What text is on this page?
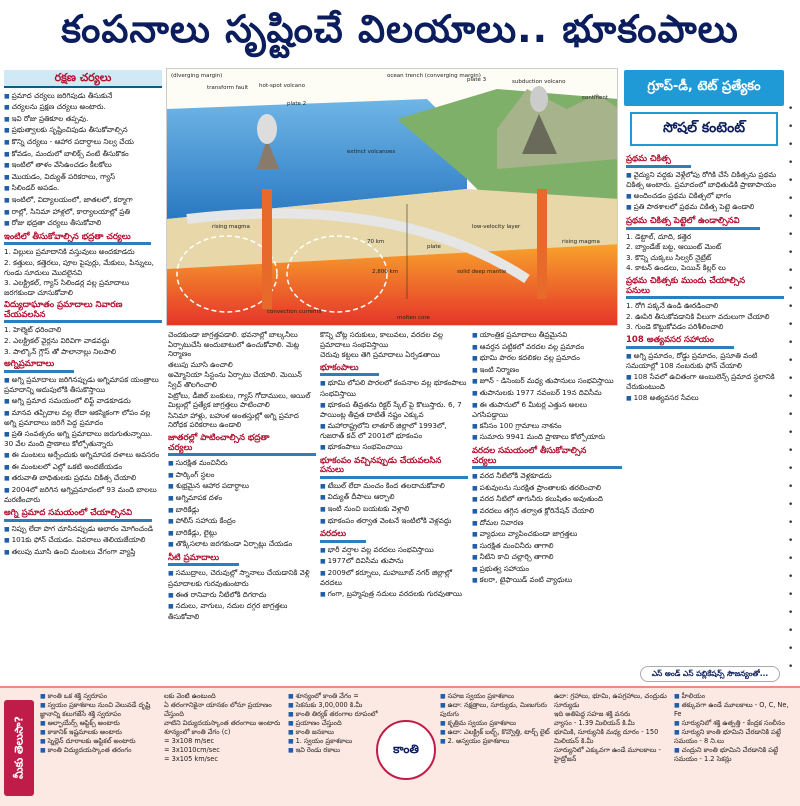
కంపనాలు సృష్టించే విలయాలు.. భూకంపాలు
రక్షణ చర్యలు

■ ప్రమాద చర్యలు జరిగిపుడు తీసుకునే

■ చర్యలను ప్రక్షణ చర్యలు అంటారు.

■ ఇవి రోజు ప్రతికూల తప్పవు.

■ ప్రభుత్వాలకు సృష్టించిపుడు తీసుకోవాల్సిన

■ కొన్ని చర్యలు - ఆహార పదార్థాలు నిల్వ చేయ

■ కోవడం, మందులో బాలిక్స్ వంటి తీసుకొకం

■ ఇంటిలో తాళం వేసిఉంచడం కీలకోలు

■ మొయడం, విద్యుత్ పరికరాలు, గ్యాస్

■ సిలిండర్ అపడం.

■ ఇంటిలో, విద్యాలయంలో, జాతలలో, కర్మాగా

■ రాల్లో, సినిమా హాళ్లలో, కార్యాలయాల్లో ప్రతి

■ రోజు భద్రతా చర్యలు తీసుకోవాలి

ఇంటిలో తీసుకోవాల్సిన భద్రతా చర్యలు

1. విల్లులు ప్రమాదానికి వస్తువులు అందకూడదు

2. కత్తులు, కత్తెరలు, పూల పైపుర్లు, మేకులు, పిన్నులు, గుండు సూదులు మొదలైనవి

3. ఎలక్ట్రికల్, గ్యాస్ సిలిండర్ల వల్ల ప్రమాదాలు జరగకుండా చూసుకోవాలి

విద్యుదాఘాతం ప్రమాదాలు నివారణ చేయవలసిన

1. హెల్మెట్ ధరించాలి

2. ఎలక్ట్రికల్ వైర్లను విరివిగా వాడవద్దు

3. పాల్కొన్ గ్లౌస్ తో పాలానాల్లు నిలపాలి

అగ్నిప్రమాదాలు

■ అగ్ని ప్రమాదాలు జరిగినప్పుడు అగ్నిమాపక యంత్రాలు ప్రమాదాన్ని ఆదుపులోకి తీసుకొస్తాయి

■ అగ్ని ప్రమాద సమయంలో లిఫ్ట్ వాడకూడదు

■ మానవ తప్పిదాల వల్ల లేదా ఆకస్మికంగా లోపం వల్ల అగ్ని ప్రమాదాలు జరిగే పెద్ద ప్రమాదం

■ ప్రతి సంవత్సరం అగ్ని ప్రమాదాలు జరుగుతున్నాయి. 30 వేల మంది ప్రాణాలు కోల్పోతున్నారు

■ ఈ మంటలు అర్పేందుకు అగ్నిమాపక దళాలు అవసరం

■ ఈ మంటలలో ఎల్లో ఒకటి అందజేయడం

■ తరువాతి బాధితులకు ప్రథమ చికిత్స చేయాలి

■ 2004లో జరిగిన అగ్నిప్రమాదంలో 93 మంది బాలలు మరణించారు

అగ్ని ప్రమాద సమయంలో చేయాల్సినవి

■ నిప్పు లేదా పొగ చూసినప్పుడు అలారం మోగించండి

■ 101కు ఫోన్ చేయడం. వివరాలు తెలియజేయాలి

■ తలుపు మూసి ఉంచి మంటలు వేగంగా వ్యాప్తి

(diverging margin)
transform fault hot-spot volcano
plate 2
ocean trench (converging margin)
plate 3	subduction volcano
continent
extinct volcanoes
rising magma
70 km
plate
low-velocity layer
2,800 km	solid deep mantle
rising magma
convection currents
molten core

చెందకుండా జాగ్రత్తపడాలి. భవనాల్లో బాల్కనీలు ఏర్పాటుచేసి అందుబాటులో ఉంచుకోవాలి. మెట్ల నిర్మాణం

తలుపు మూసి ఉంచాలి

అమ్మోనియా సిస్టంను ఏర్పాటు చేయాలి. మెయిన్ స్విచ్ తొలగించాలి

పెట్రోలు, డీజిల్ బంకులు, గ్యాస్ గోదాములు, ఆయిల్ మిల్లుల్లో ప్రత్యేక జాగ్రత్తలు పాటించాలి

సినిమా హాళ్లు, బహుళ అంతస్తుల్లో అగ్ని ప్రమాద నిరోధక పరికరాలు ఉండాలి

జాతరల్లో పాటించాల్సిన భద్రతా చర్యలు

■ సురక్షిత మంచినీరు

■ పార్కింగ్ స్థలం

■ శుభ్రమైన ఆహార పదార్థాలు

■ అగ్నిమాపక దళం

■ బారికేడ్లు

■ పోలీస్ సహాయ కేంద్రం

■ బారికేడ్లు, లైట్లు

■ తొక్కిసలాట జరగకుండా ఏర్పాట్లు చేయడం

నీటి ప్రమాదాలు

■ సముద్రాలు, చెరువుల్లో స్నానాలు చేయడానికి వెళ్లి ప్రమాదాలకు గురవుతుంటారు

■ ఈత రానివారు నీటిలోకి దిగరాదు

■ నదులు, వాగులు, నదుల దగ్గర జాగ్రత్తలు తీసుకోవాలి

కొన్ని చోట్ల సరుకులు, కాలువలు, వరదల వల్ల ప్రమాదాలు సంభవిస్తాయి

చెరువు కట్టలు తెగి ప్రమాదాలు ఏర్పడతాయి

భూకంపాలు

■ భూమి లోపలి పొరలలో కంపనాల వల్ల భూకంపాలు సంభవిస్తాయి

■ భూకంప తీవ్రతను రిక్టర్ స్కేల్ పై కొలుస్తారు. 6, 7 పాయింట్ల తీవ్రత దాటితే నష్టం ఎక్కువ

■ మహారాష్ట్రలోని లాతూర్ జిల్లాలో 1993లో, గుజరాత్ కచ్ లో 2001లో భూకంపం

■ భూకంపాలు సంభవించాయి

భూకంపం వచ్చినప్పుడు చేయవలసిన పనులు

■ టేబుల్ లేదా మంచం కింద తలదాచుకోవాలి

■ విద్యుత్ దీపాలు ఆర్పాలి

■ ఇంటి నుంచి బయటకు వెళ్లాలి

■ భూకంపం తర్వాత వెంటనే ఇంటిలోకి వెళ్లవద్దు

వరదలు

■ భారీ వర్షాల వల్ల వరదలు సంభవిస్తాయి

■ 1977లో దివిసీమ తుపాను

■ 2009లో కర్నూలు, మహబూబ్ నగర్ జిల్లాల్లో వరదలు

■ గంగా, బ్రహ్మపుత్ర నదులు వరదలకు గురవుతాయి

■ యాంత్రిక ప్రమాదాలు తీవ్రమైనవి

■ ఆవర్తన పట్టికలో వరదల వల్ల ప్రమాదం

■ భూమి పొరల కదలికల వల్ల ప్రమాదం

■ ఇంటి నిర్మాణం

■ జూన్ - డిసెంబర్ మధ్య తుపానులు సంభవిస్తాయి

■ తుపానులకు 1977 నవంబర్ 19న దివిసీమ

■ ఈ తుపానులో 6 మీటర్ల ఎత్తున అలలు ఎగసిపడ్డాయి

■ కనీసం 100 గ్రామాలు నాశనం

■ సుమారు 9941 మంది ప్రాణాలు కోల్పోయారు

వరదల సమయంలో తీసుకోవాల్సిన చర్యలు

■ వరద నీటిలోకి వెళ్లకూడదు

■ పశువులను సురక్షిత ప్రాంతాలకు తరలించాలి

■ వరద నీటిలో తాగునీరు కలుషితం అవుతుంది

■ వరదలు తగ్గిన తర్వాత క్లోరినేషన్ చేయాలి

■ దోమల నివారణ

■ వ్యాధులు వ్యాపించకుండా జాగ్రత్తలు

■ సురక్షిత మంచినీరు తాగాలి

■ నీటిని కాచి చల్లార్చి తాగాలి

■ ప్రభుత్వ సహాయం

■ కలరా, టైఫాయిడ్ వంటి వ్యాధులు

గ్రూప్-డీ, టెట్ ప్రత్యేకం
సోషల్ కంటెంట్
ప్రథమ చికిత్స

■ వైద్యుని వద్దకు వెళ్లేలోపు రోగికి చేసే చికిత్సను ప్రథమ చికిత్స అంటారు. ప్రమాదంలో బాధితుడికి ప్రాణాపాయం

■ అందించడం ప్రథమ చికిత్సలో భాగం

■ ప్రతి పాఠశాలలో ప్రథమ చికిత్స పెట్టె ఉండాలి

ప్రథమ చికిత్స పెట్టెలో ఉండాల్సినవి

1. డెట్టాల్, దూది, కత్తెర

2. బ్యాండేజ్ బట్ట, ఆయింట్ మెంట్

3. కొన్ని చుక్కలు సిల్వర్ నైట్రేట్

4. కాటన్ ఉండలు, పెయిన్ కిల్లర్ లు

ప్రథమ చికిత్సకు ముందు చేయాల్సిన పనులు

1. రోగి పక్కనే ఉండి ఊరడించాలి

2. ఊపిరి తీసుకోవడానికి వీలుగా వదులుగా చేయాలి

3. గుండె కొట్టుకోవడం పరిశీలించాలి

108 అత్యవసర సహాయం

■ అగ్ని ప్రమాదం, రోడ్డు ప్రమాదం, ప్రసూతి వంటి సమయాల్లో 108 నంబరుకు ఫోన్ చేయాలి

■ 108 సేవలో ఉచితంగా అంబులెన్స్ ప్రమాద స్థలానికి చేరుకుంటుంది

■ 108 అత్యవసర సేవలు

ఎస్ అండ్ ఎస్ పబ్లికేషన్స్ సౌజన్యంతో...
•
•
•
•
•
•
•
•
•
•
•
•
•
•
•
•
•
•
•
•
•
•
•
•
•
•
•
•
•
•
•
•
మీకు తెలుసా?

■ కాంతి ఒక శక్తి స్వరూపం

■ స్వయం ప్రకాశకాలు నుంచి వెలువడే దృష్టి జ్ఞానాన్ని కలుగజేసే శక్తి స్వరూపం

■ ఆల్ఫాయేర్స్ ఆప్టిక్స్ అంటారు

■ కాకానిక్ ఇష్టమాలకు అంటారు

■ స్నెల్లెన్ దూరాలకు ఆప్టికల్ అంటారు

■ కాంతి విద్యుదయస్కాంత తరంగం

లకు వెంటి ఉంటుంది

ఏ తరంగానికైనా యానకం లోనూ ప్రయాణం చేస్తుంది

వాటిని విద్యుదయస్కాంత తరంగాలు అంటారు

శూన్యంలో కాంతి వేగం (c)

= 3x108 m/sec

= 3x1010cm/sec

= 3x105 km/sec

■ శూన్యంలో కాంతి వేగం =

■ సెకనుకు 3,00,000 కి.మీ

■ కాంతి తిర్యక్ తరంగాల రూపంలో

■ ప్రయాణం చేస్తుంది

■ కాంతి జనకాలు

■ 1. స్వయం ప్రకాశకాలు

■ ఇవి రెండు రకాలు	కాంతి

■ సహజ స్వయం ప్రకాశకాలు

■ ఉదా: నక్షత్రాలు, సూర్యుడు, మిణుగురు పురుగు

■ కృత్రిమ స్వయం ప్రకాశకాలు

■ ఉదా: ఎలక్ట్రిక్ బల్బ్, కొవ్వొత్తి, టార్చ్ లైట్

■ 2. అస్వయం ప్రకాశకాలు

ఉదా: గ్రహాలు, భూమి, ఉపగ్రహాలు, చంద్రుడు

సూర్యుడు

ఇది అతిపెద్ద సహజ శక్తి వనరు

వ్యాసం - 1.39 మిలియన్ కి.మీ

భూమికి, సూర్యునికి మధ్య దూరం - 150 మిలియన్ కి.మీ

సూర్యునిలో ఎక్కువగా ఉండే మూలకాలు - హైడ్రోజన్

■ హీలియం

■ తక్కువగా ఉండే మూలకాలు - O, C, Ne, Fe

■ సూర్యునిలో శక్తి ఉత్పత్తి - కేంద్రక సంలీనం

■ సూర్యుని కాంతి భూమిని చేరడానికి పట్టే సమయం - 8 ని.లు

■ చంద్రుని కాంతి భూమిని చేరడానికి పట్టే సమయం - 1.2 సెకన్లు
